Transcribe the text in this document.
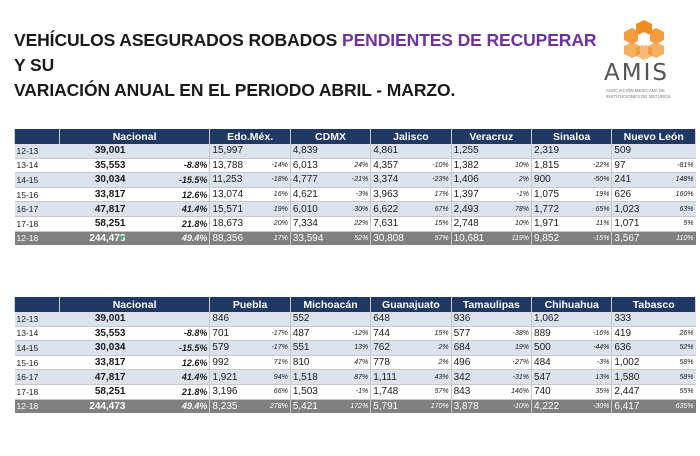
VEHÍCULOS ASEGURADOS ROBADOS PENDIENTES DE RECUPERAR Y SU
VARIACIÓN ANUAL EN EL PERIODO ABRIL - MARZO.
AMIS
ASOCIACIÓN MEXICANA DE INSTITUCIONES DE SEGUROS
	Nacional		Edo.Méx.		CDMX		Jalisco		Veracruz		Sinaloa		Nuevo León	
12-13	39,001		15,997		4,839		4,861		1,255		2,319		509	
13-14	35,553	-8.8%	13,788	-14%	6,013	24%	4,357	-10%	1,382	10%	1,815	-22%	97	-81%
14-15	30,034	-15.5%	11,253	-18%	4,777	-21%	3,374	-23%	1,406	2%	900	-50%	241	148%
15-16	33,817	12.6%	13,074	16%	4,621	-3%	3,963	17%	1,397	-1%	1,075	19%	626	160%
16-17	47,817	41.4%	15,571	19%	6,010	30%	6,622	67%	2,493	78%	1,772	65%	1,023	63%
17-18	58,251	21.8%	18,673	20%	7,334	22%	7,631	15%	2,748	10%	1,971	11%	1,071	5%
12-18	244,473	49.4%	88,356	17%	33,594	52%	30,808	57%	10,681	119%	9,852	-15%	3,567	110%
	Nacional		Puebla		Michoacán		Guanajuato		Tamaulipas		Chihuahua		Tabasco	
12-13	39,001		846		552		648		936		1,062		333	
13-14	35,553	-8.8%	701	-17%	487	-12%	744	15%	577	-38%	889	-16%	419	26%
14-15	30,034	-15.5%	579	-17%	551	13%	762	2%	684	19%	500	-44%	636	52%
15-16	33,817	12.6%	992	71%	810	47%	778	2%	496	-27%	484	-3%	1,002	58%
16-17	47,817	41.4%	1,921	94%	1,518	87%	1,111	43%	342	-31%	547	13%	1,580	58%
17-18	58,251	21.8%	3,196	66%	1,503	-1%	1,748	57%	843	146%	740	35%	2,447	55%
12-18	244,473	49.4%	8,235	278%	5,421	172%	5,791	170%	3,878	-10%	4,222	-30%	6,417	635%
